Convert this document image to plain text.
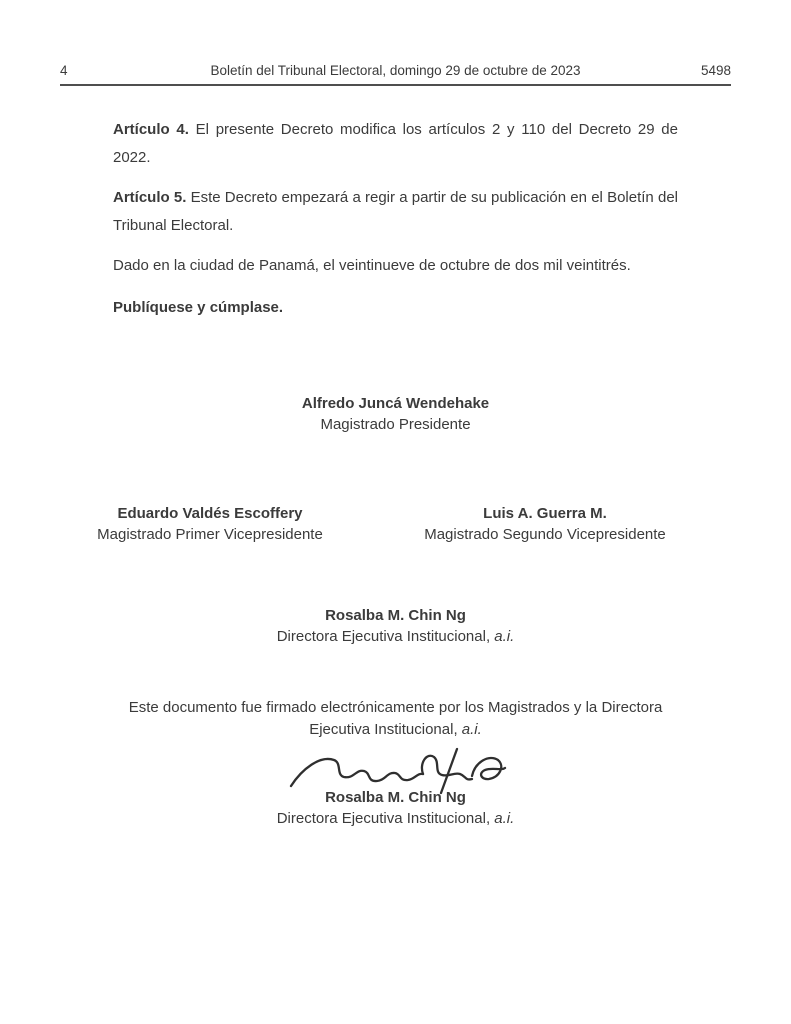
4	Boletín del Tribunal Electoral, domingo 29 de octubre de 2023	5498

Artículo 4. El presente Decreto modifica los artículos 2 y 110 del Decreto 29 de 2022.

Artículo 5. Este Decreto empezará a regir a partir de su publicación en el Boletín del Tribunal Electoral.

Dado en la ciudad de Panamá, el veintinueve de octubre de dos mil veintitrés.

Publíquese y cúmplase.

Alfredo Juncá Wendehake
Magistrado Presidente
Eduardo Valdés Escoffery
Magistrado Primer Vicepresidente
Luis A. Guerra M.
Magistrado Segundo Vicepresidente
Rosalba M. Chin Ng
Directora Ejecutiva Institucional, a.i.
Este documento fue firmado electrónicamente por los Magistrados y la Directora
Ejecutiva Institucional, a.i.
Rosalba M. Chin Ng
Directora Ejecutiva Institucional, a.i.
